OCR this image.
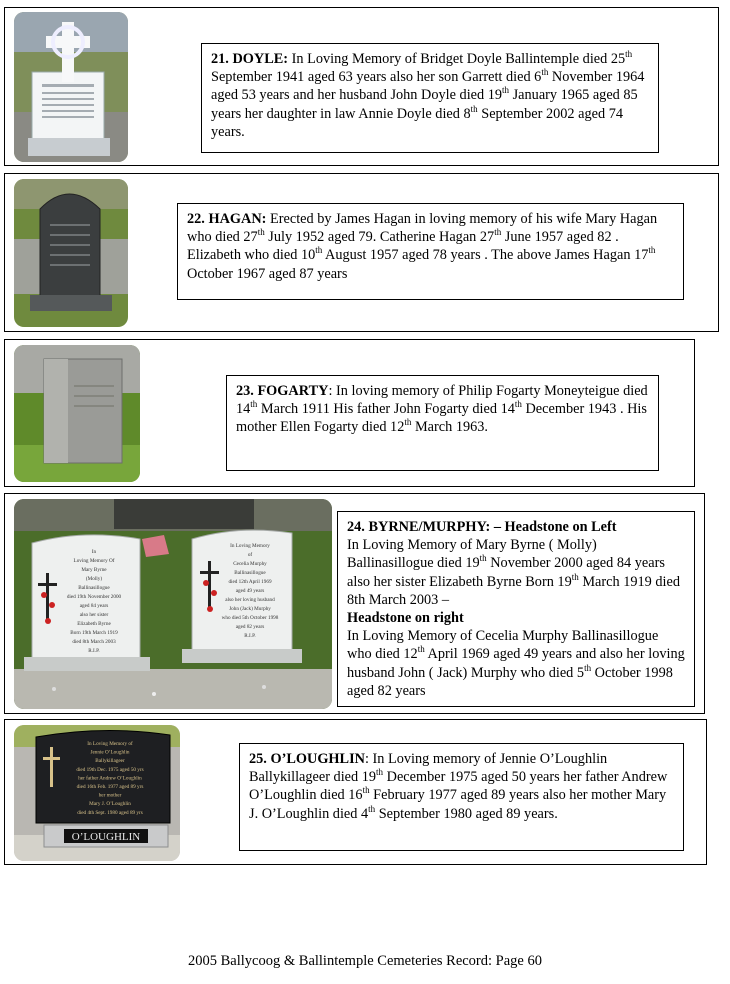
21. DOYLE: In Loving Memory of Bridget Doyle Ballintemple died 25th September 1941 aged 63 years also her son Garrett died 6th November 1964 aged 53 years and her husband John Doyle died 19th January 1965 aged 85 years her daughter in law Annie Doyle died 8th September 2002 aged 74 years.
22. HAGAN: Erected by James Hagan in loving memory of his wife Mary Hagan who died 27th July 1952 aged 79. Catherine Hagan 27th June 1957 aged 82 . Elizabeth who died 10th August 1957 aged 78 years . The above James Hagan 17th October 1967 aged 87 years
23. FOGARTY: In loving memory of Philip Fogarty Moneyteigue died 14th March 1911 His father John Fogarty died 14th December 1943 . His mother Ellen Fogarty died 12th March 1963.
In
Loving Memory Of
Mary Byrne
(Molly)
Ballinasillogue
died 19th November 2000
aged 84 years
also her sister
Elizabeth Byrne
Born 19th March 1919
died 8th March 2003
R.I.P.
In Loving Memory
of
Cecelia Murphy
Ballinasillogue
died 12th April 1969
aged 49 years
also her loving husband
John (Jack) Murphy
who died 5th October 1998
aged 82 years
R.I.P.
24. BYRNE/MURPHY: – Headstone on Left
In Loving Memory of Mary Byrne ( Molly) Ballinasillogue died 19th November 2000 aged 84 years also her sister Elizabeth Byrne Born 19th March 1919 died 8th March 2003 –
Headstone on right
In Loving Memory of Cecelia Murphy Ballinasillogue who died 12th April 1969 aged 49 years and also her loving husband John ( Jack) Murphy who died 5th October 1998 aged 82 years
In Loving Memory of
Jennie O’Loughlin
Ballykillageer
died 19th Dec. 1975 aged 50 yrs
her father Andrew O’Loughlin
died 16th Feb. 1977 aged 89 yrs
her mother
Mary J. O’Loughlin
died 4th Sept. 1980 aged 89 yrs
O’LOUGHLIN
25. O’LOUGHLIN: In Loving memory of Jennie O’Loughlin Ballykillageer died 19th December 1975 aged 50 years her father Andrew O’Loughlin died 16th February 1977 aged 89 years also her mother Mary J. O’Loughlin died 4th September 1980 aged 89 years.
2005 Ballycoog & Ballintemple Cemeteries Record: Page 60
